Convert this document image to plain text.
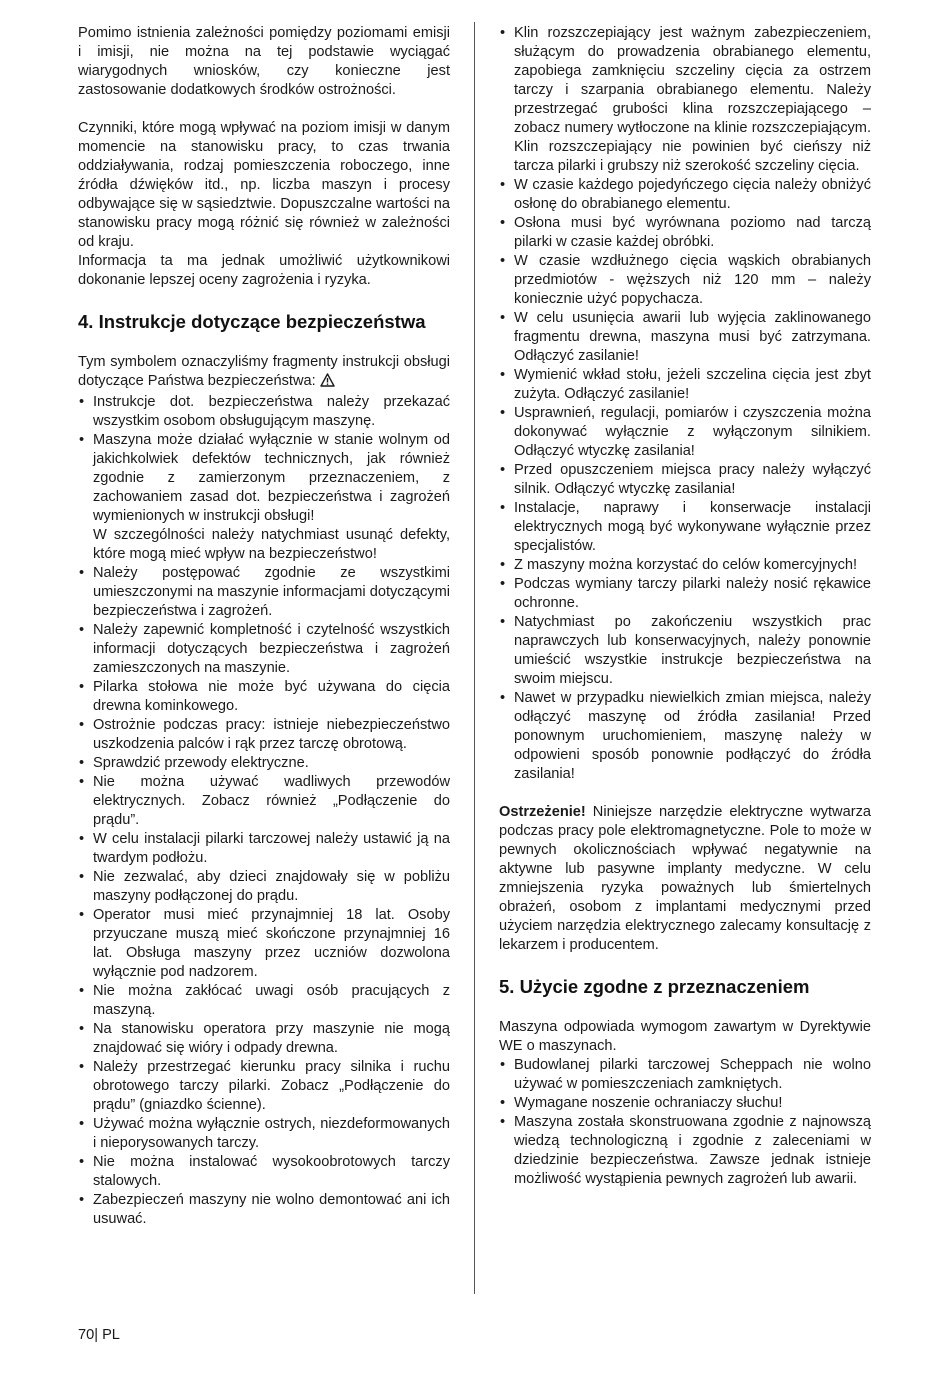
Pomimo istnienia zależności pomiędzy poziomami emisji i imisji, nie można na tej podstawie wyciągać wiarygodnych wniosków, czy konieczne jest zastosowanie dodatkowych środków ostrożności.

Czynniki, które mogą wpływać na poziom imisji w danym momencie na stanowisku pracy, to czas trwania oddziaływania, rodzaj pomieszczenia roboczego, inne źródła dźwięków itd., np. liczba maszyn i procesy odbywające się w sąsiedztwie. Dopuszczalne wartości na stanowisku pracy mogą różnić się również w zależności od kraju.

Informacja ta ma jednak umożliwić użytkownikowi dokonanie lepszej oceny zagrożenia i ryzyka.

4. Instrukcje dotyczące bezpieczeństwa

Tym symbolem oznaczyliśmy fragmenty instrukcji obsługi dotyczące Państwa bezpieczeństwa:

• Instrukcje dot. bezpieczeństwa należy przekazać wszystkim osobom obsługującym maszynę.
• Maszyna może działać wyłącznie w stanie wolnym od jakichkolwiek defektów technicznych, jak również zgodnie z zamierzonym przeznaczeniem, z zachowaniem zasad dot. bezpieczeństwa i zagrożeń wymienionych w instrukcji obsługi!
W szczególności należy natychmiast usunąć defekty, które mogą mieć wpływ na bezpieczeństwo!
• Należy postępować zgodnie ze wszystkimi umieszczonymi na maszynie informacjami dotyczącymi bezpieczeństwa i zagrożeń.
• Należy zapewnić kompletność i czytelność wszystkich informacji dotyczących bezpieczeństwa i zagrożeń zamieszczonych na maszynie.
• Pilarka stołowa nie może być używana do cięcia drewna kominkowego.
• Ostrożnie podczas pracy: istnieje niebezpieczeństwo uszkodzenia palców i rąk przez tarczę obrotową.
• Sprawdzić przewody elektryczne.
• Nie można używać wadliwych przewodów elektrycznych. Zobacz również „Podłączenie do prądu”.
• W celu instalacji pilarki tarczowej należy ustawić ją na twardym podłożu.
• Nie zezwalać, aby dzieci znajdowały się w pobliżu maszyny podłączonej do prądu.
• Operator musi mieć przynajmniej 18 lat. Osoby przyuczane muszą mieć skończone przynajmniej 16 lat. Obsługa maszyny przez uczniów dozwolona wyłącznie pod nadzorem.
• Nie można zakłócać uwagi osób pracujących z maszyną.
• Na stanowisku operatora przy maszynie nie mogą znajdować się wióry i odpady drewna.
• Należy przestrzegać kierunku pracy silnika i ruchu obrotowego tarczy pilarki. Zobacz „Podłączenie do prądu” (gniazdko ścienne).
• Używać można wyłącznie ostrych, niezdeformowanych i nieporysowanych tarczy.
• Nie można instalować wysokoobrotowych tarczy stalowych.
• Zabezpieczeń maszyny nie wolno demontować ani ich usuwać.
• Klin rozszczepiający jest ważnym zabezpieczeniem, służącym do prowadzenia obrabianego elementu, zapobiega zamknięciu szczeliny cięcia za ostrzem tarczy i szarpania obrabianego elementu. Należy przestrzegać grubości klina rozszczepiającego – zobacz numery wytłoczone na klinie rozszczepiającym. Klin rozszczepiający nie powinien być cieńszy niż tarcza pilarki i grubszy niż szerokość szczeliny cięcia.
• W czasie każdego pojedyńczego cięcia należy obniżyć osłonę do obrabianego elementu.
• Osłona musi być wyrównana poziomo nad tarczą pilarki w czasie każdej obróbki.
• W czasie wzdłużnego cięcia wąskich obrabianych przedmiotów - węższych niż 120 mm – należy koniecznie użyć popychacza.
• W celu usunięcia awarii lub wyjęcia zaklinowanego fragmentu drewna, maszyna musi być zatrzymana. Odłączyć zasilanie!
• Wymienić wkład stołu, jeżeli szczelina cięcia jest zbyt zużyta. Odłączyć zasilanie!
• Usprawnień, regulacji, pomiarów i czyszczenia można dokonywać wyłącznie z wyłączonym silnikiem. Odłączyć wtyczkę zasilania!
• Przed opuszczeniem miejsca pracy należy wyłączyć silnik. Odłączyć wtyczkę zasilania!
• Instalacje, naprawy i konserwacje instalacji elektrycznych mogą być wykonywane wyłącznie przez specjalistów.
• Z maszyny można korzystać do celów komercyjnych!
• Podczas wymiany tarczy pilarki należy nosić rękawice ochronne.
• Natychmiast po zakończeniu wszystkich prac naprawczych lub konserwacyjnych, należy ponownie umieścić wszystkie instrukcje bezpieczeństwa na swoim miejscu.
• Nawet w przypadku niewielkich zmian miejsca, należy odłączyć maszynę od źródła zasilania! Przed ponownym uruchomieniem, maszynę należy w odpowieni sposób ponownie podłączyć do źródła zasilania!

Ostrzeżenie! Niniejsze narzędzie elektryczne wytwarza podczas pracy pole elektromagnetyczne. Pole to może w pewnych okolicznościach wpływać negatywnie na aktywne lub pasywne implanty medyczne. W celu zmniejszenia ryzyka poważnych lub śmiertelnych obrażeń, osobom z implantami medycznymi przed użyciem narzędzia elektrycznego zalecamy konsultację z lekarzem i producentem.

5. Użycie zgodne z przeznaczeniem

Maszyna odpowiada wymogom zawartym w Dyrektywie WE o maszynach.

• Budowlanej pilarki tarczowej Scheppach nie wolno używać w pomieszczeniach zamkniętych.
• Wymagane noszenie ochraniaczy słuchu!
• Maszyna została skonstruowana zgodnie z najnowszą wiedzą technologiczną i zgodnie z zaleceniami w dziedzinie bezpieczeństwa. Zawsze jednak istnieje możliwość wystąpienia pewnych zagrożeń lub awarii.
70| PL
